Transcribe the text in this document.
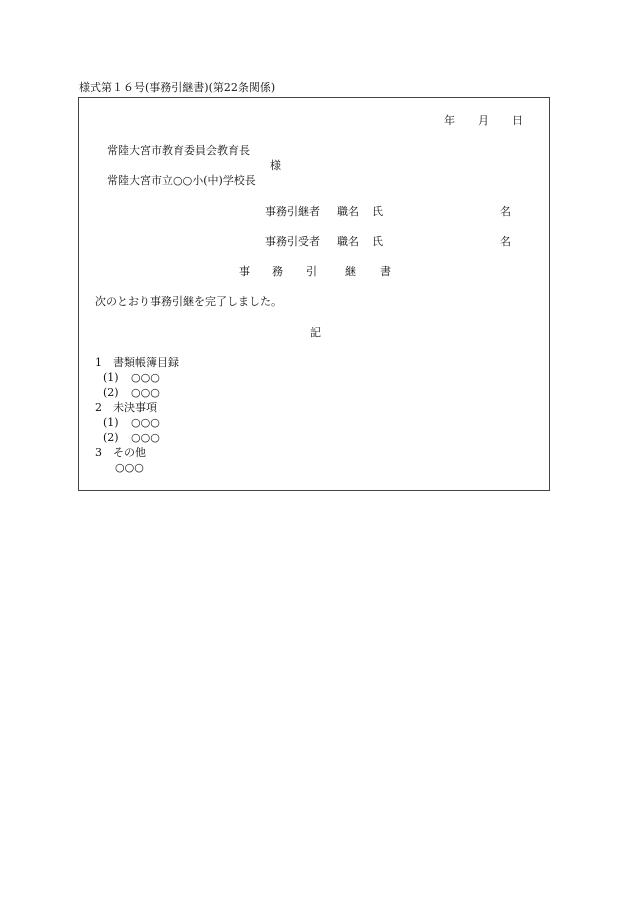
様式第１６号(事務引継書)(第22条関係)
年 月 日
常陸大宮市教育委員会教育長
様
常陸大宮市立○○小(中)学校長
事務引継者 職名 氏	名
事務引受者 職名 氏	名
事 務 引	継 書
次のとおり事務引継を完了しました。
記
1　書類帳簿目録
(1) ○○○
(2) ○○○
2　未決事項
(1) ○○○
(2) ○○○
3　その他
○○○
